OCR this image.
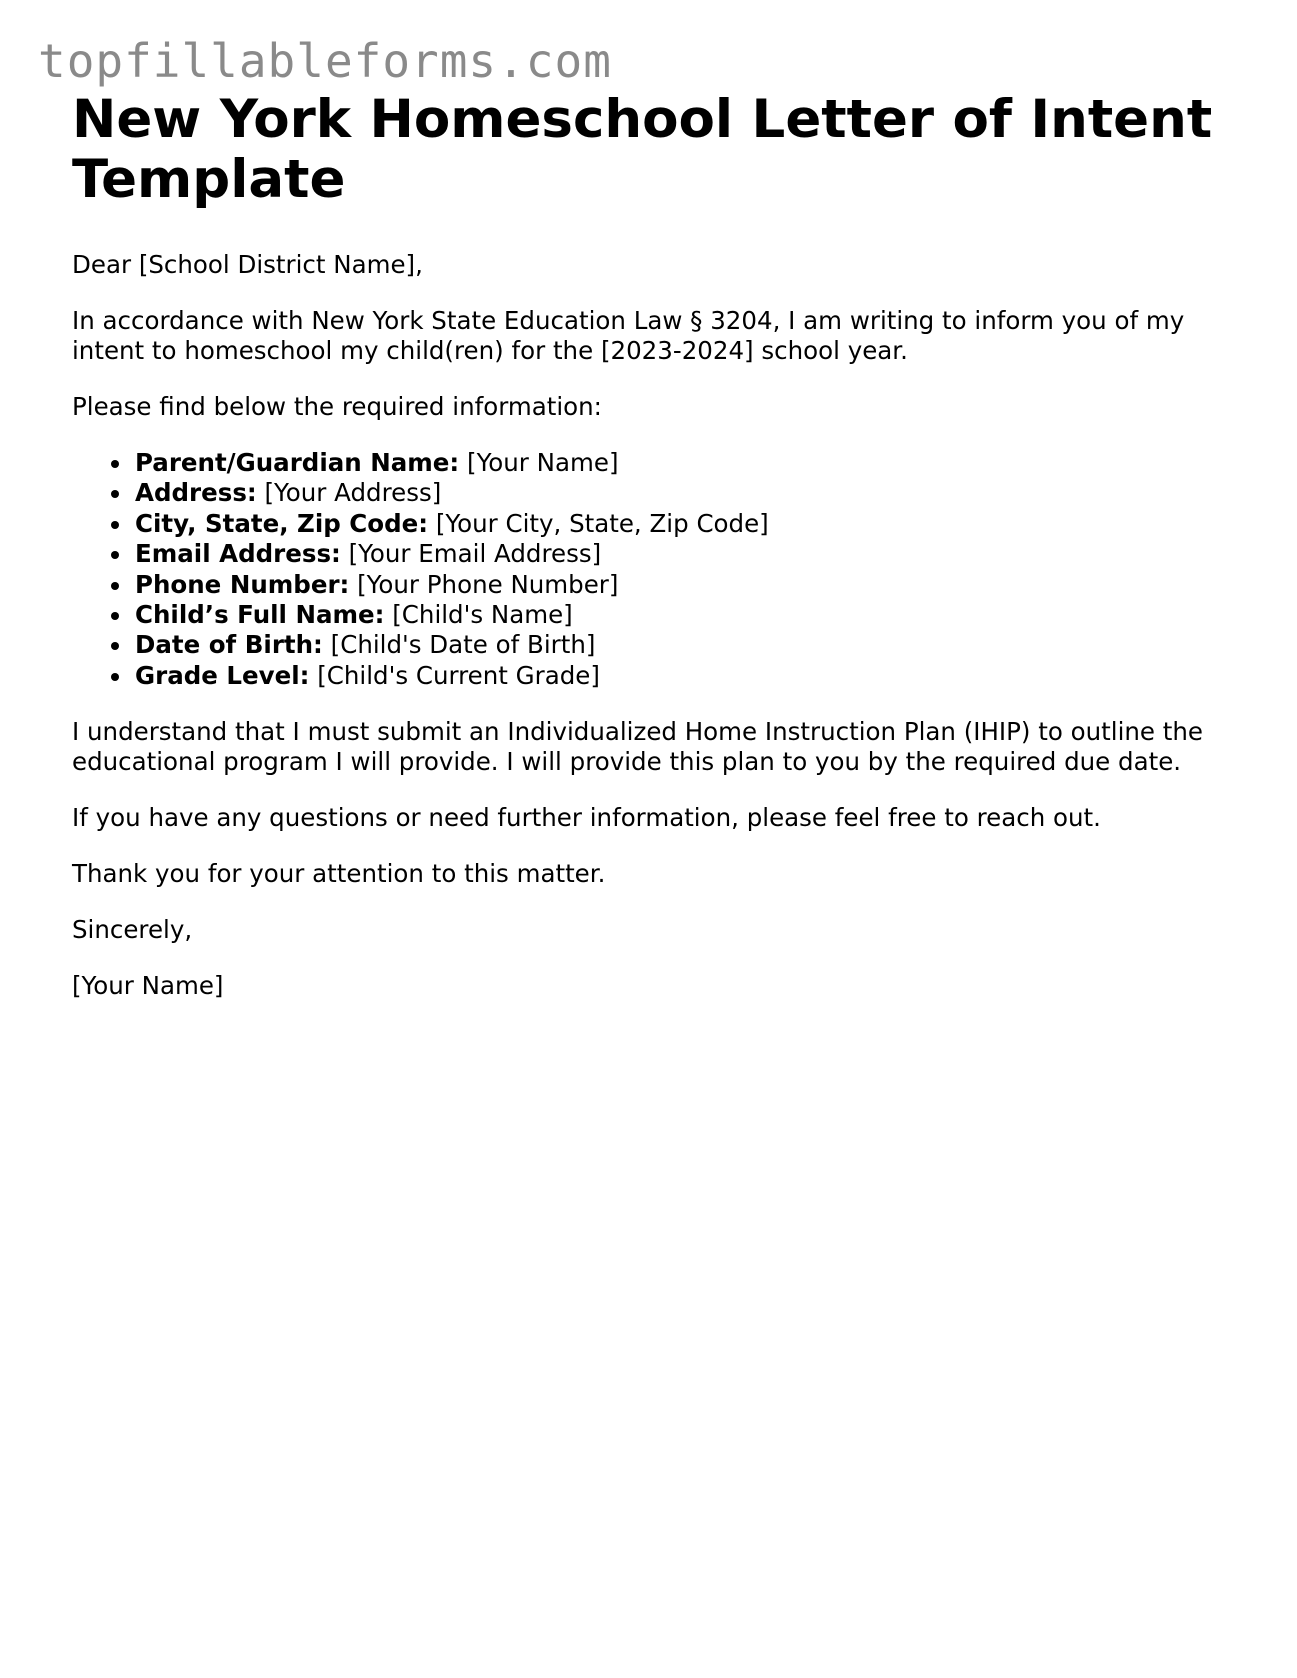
topfillableforms.com
New York Homeschool Letter of Intent Template

Dear [School District Name],

In accordance with New York State Education Law § 3204, I am writing to inform you of my intent to homeschool my child(ren) for the [2023-2024] school year.

Please find below the required information:

Parent/Guardian Name: [Your Name]
Address: [Your Address]
City, State, Zip Code: [Your City, State, Zip Code]
Email Address: [Your Email Address]
Phone Number: [Your Phone Number]
Child’s Full Name: [Child's Name]
Date of Birth: [Child's Date of Birth]
Grade Level: [Child's Current Grade]

I understand that I must submit an Individualized Home Instruction Plan (IHIP) to outline the educational program I will provide. I will provide this plan to you by the required due date.

If you have any questions or need further information, please feel free to reach out.

Thank you for your attention to this matter.

Sincerely,

[Your Name]
